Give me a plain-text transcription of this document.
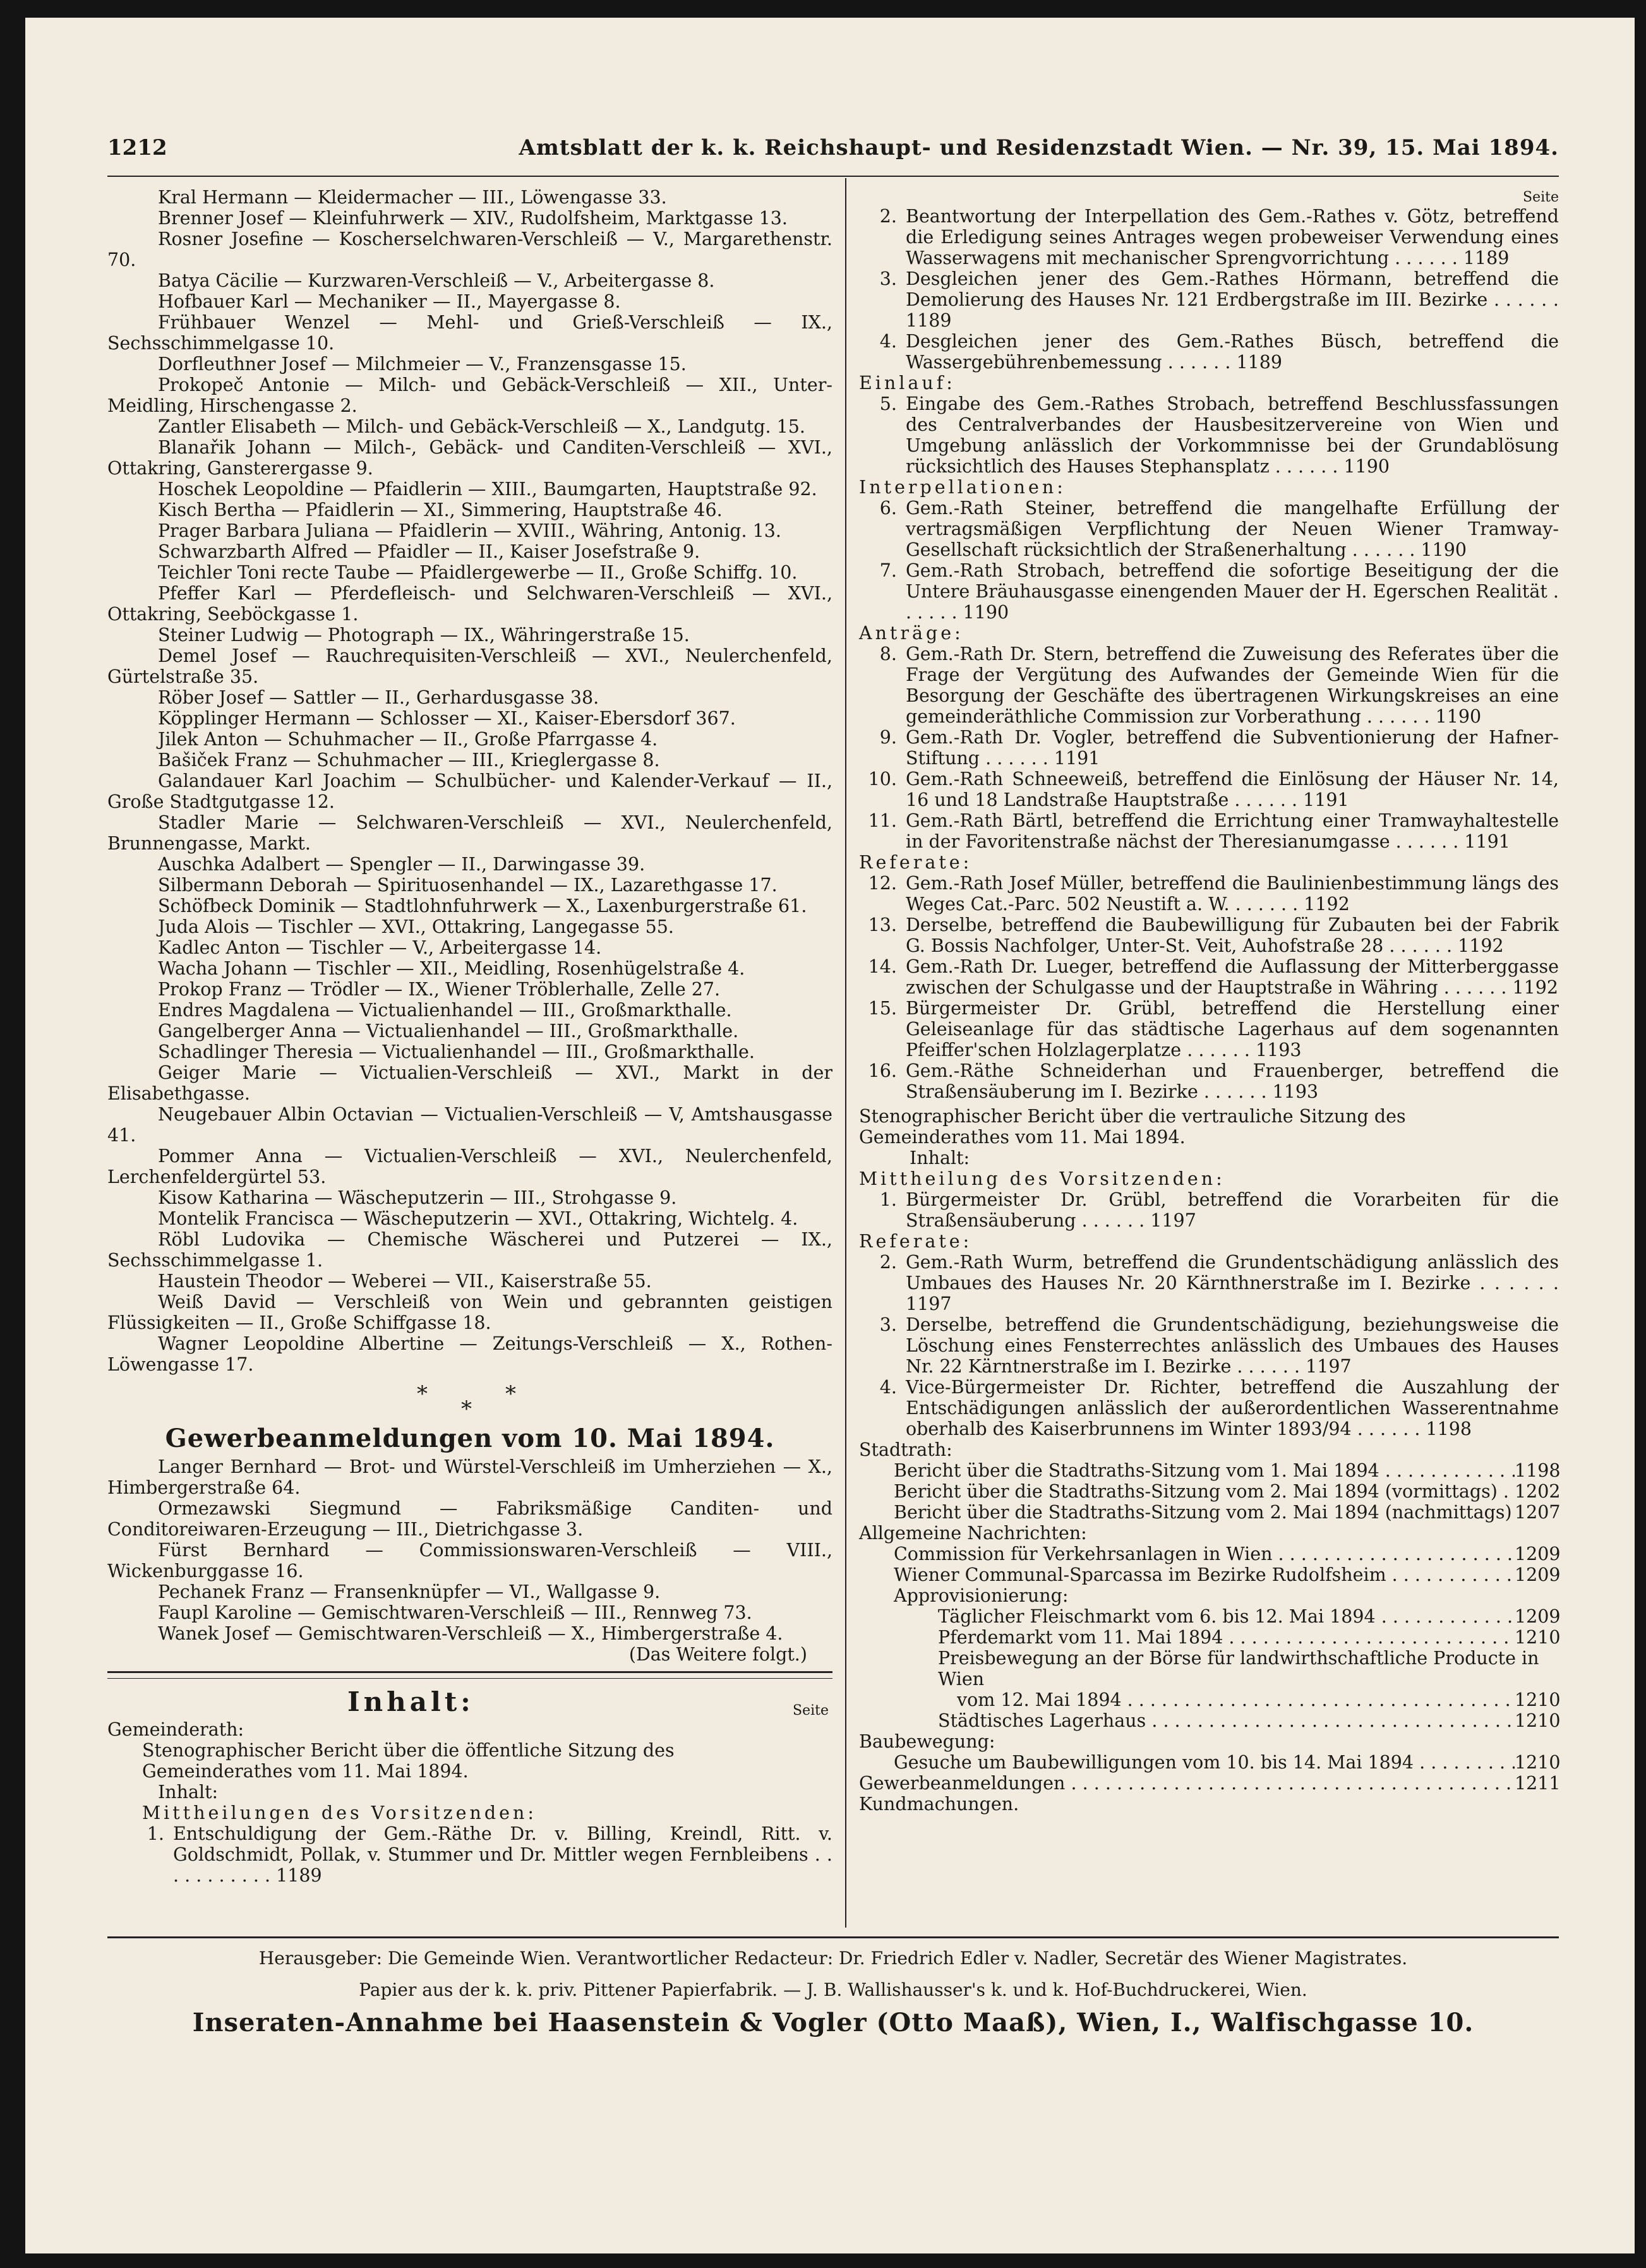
1212	Amtsblatt der k. k. Reichshaupt- und Residenzstadt Wien. — Nr. 39, 15. Mai 1894.
Kral Hermann — Kleidermacher — III., Löwengasse 33.
Brenner Josef — Kleinfuhrwerk — XIV., Rudolfsheim, Marktgasse 13.
Rosner Josefine — Koscherselchwaren-Verschleiß — V., Margarethenstr. 70.
Batya Cäcilie — Kurzwaren-Verschleiß — V., Arbeitergasse 8.
Hofbauer Karl — Mechaniker — II., Mayergasse 8.
Frühbauer Wenzel — Mehl- und Grieß-Verschleiß — IX., Sechsschimmelgasse 10.
Dorfleuthner Josef — Milchmeier — V., Franzensgasse 15.
Prokopeč Antonie — Milch- und Gebäck-Verschleiß — XII., Unter-Meidling, Hirschengasse 2.
Zantler Elisabeth — Milch- und Gebäck-Verschleiß — X., Landgutg. 15.
Blanařik Johann — Milch-, Gebäck- und Canditen-Verschleiß — XVI., Ottakring, Gansterergasse 9.
Hoschek Leopoldine — Pfaidlerin — XIII., Baumgarten, Hauptstraße 92.
Kisch Bertha — Pfaidlerin — XI., Simmering, Hauptstraße 46.
Prager Barbara Juliana — Pfaidlerin — XVIII., Währing, Antonig. 13.
Schwarzbarth Alfred — Pfaidler — II., Kaiser Josefstraße 9.
Teichler Toni recte Taube — Pfaidlergewerbe — II., Große Schiffg. 10.
Pfeffer Karl — Pferdefleisch- und Selchwaren-Verschleiß — XVI., Ottakring, Seeböckgasse 1.
Steiner Ludwig — Photograph — IX., Währingerstraße 15.
Demel Josef — Rauchrequisiten-Verschleiß — XVI., Neulerchenfeld, Gürtelstraße 35.
Röber Josef — Sattler — II., Gerhardusgasse 38.
Köpplinger Hermann — Schlosser — XI., Kaiser-Ebersdorf 367.
Jilek Anton — Schuhmacher — II., Große Pfarrgasse 4.
Bašiček Franz — Schuhmacher — III., Krieglergasse 8.
Galandauer Karl Joachim — Schulbücher- und Kalender-Verkauf — II., Große Stadtgutgasse 12.
Stadler Marie — Selchwaren-Verschleiß — XVI., Neulerchenfeld, Brunnengasse, Markt.
Auschka Adalbert — Spengler — II., Darwingasse 39.
Silbermann Deborah — Spirituosenhandel — IX., Lazarethgasse 17.
Schöfbeck Dominik — Stadtlohnfuhrwerk — X., Laxenburgerstraße 61.
Juda Alois — Tischler — XVI., Ottakring, Langegasse 55.
Kadlec Anton — Tischler — V., Arbeitergasse 14.
Wacha Johann — Tischler — XII., Meidling, Rosenhügelstraße 4.
Prokop Franz — Trödler — IX., Wiener Tröblerhalle, Zelle 27.
Endres Magdalena — Victualienhandel — III., Großmarkthalle.
Gangelberger Anna — Victualienhandel — III., Großmarkthalle.
Schadlinger Theresia — Victualienhandel — III., Großmarkthalle.
Geiger Marie — Victualien-Verschleiß — XVI., Markt in der Elisabethgasse.
Neugebauer Albin Octavian — Victualien-Verschleiß — V, Amtshausgasse 41.
Pommer Anna — Victualien-Verschleiß — XVI., Neulerchenfeld, Lerchenfeldergürtel 53.
Kisow Katharina — Wäscheputzerin — III., Strohgasse 9.
Montelik Francisca — Wäscheputzerin — XVI., Ottakring, Wichtelg. 4.
Röbl Ludovika — Chemische Wäscherei und Putzerei — IX., Sechsschimmelgasse 1.
Haustein Theodor — Weberei — VII., Kaiserstraße 55.
Weiß David — Verschleiß von Wein und gebrannten geistigen Flüssigkeiten — II., Große Schiffgasse 18.
Wagner Leopoldine Albertine — Zeitungs-Verschleiß — X., Rothen-Löwengasse 17.
*
*
*
Gewerbeanmeldungen vom 10. Mai 1894.
Langer Bernhard — Brot- und Würstel-Verschleiß im Umherziehen — X., Himbergerstraße 64.
Ormezawski Siegmund — Fabriksmäßige Canditen- und Conditoreiwaren-Erzeugung — III., Dietrichgasse 3.
Fürst Bernhard — Commissionswaren-Verschleiß — VIII., Wickenburggasse 16.
Pechanek Franz — Fransenknüpfer — VI., Wallgasse 9.
Faupl Karoline — Gemischtwaren-Verschleiß — III., Rennweg 73.
Wanek Josef — Gemischtwaren-Verschleiß — X., Himbergerstraße 4.
(Das Weitere folgt.)
Inhalt:	Seite
Gemeinderath:
Stenographischer Bericht über die öffentliche Sitzung des Gemeinderathes vom 11. Mai 1894.
Inhalt:
Mittheilungen des Vorsitzenden:
1. Entschuldigung der Gem.-Räthe Dr. v. Billing, Kreindl, Ritt. v. Goldschmidt, Pollak, v. Stummer und Dr. Mittler wegen Fernbleibens . . . . . . . . . . . 1189
Seite
2. Beantwortung der Interpellation des Gem.-Rathes v. Götz, betreffend die Erledigung seines Antrages wegen probeweiser Verwendung eines Wasserwagens mit mechanischer Sprengvorrichtung . . . . . . 1189
3. Desgleichen jener des Gem.-Rathes Hörmann, betreffend die Demolierung des Hauses Nr. 121 Erdbergstraße im III. Bezirke . . . . . . 1189
4. Desgleichen jener des Gem.-Rathes Büsch, betreffend die Wassergebührenbemessung . . . . . . 1189
Einlauf:
5. Eingabe des Gem.-Rathes Strobach, betreffend Beschlussfassungen des Centralverbandes der Hausbesitzervereine von Wien und Umgebung anlässlich der Vorkommnisse bei der Grundablösung rücksichtlich des Hauses Stephansplatz . . . . . . 1190
Interpellationen:
6. Gem.-Rath Steiner, betreffend die mangelhafte Erfüllung der vertragsmäßigen Verpflichtung der Neuen Wiener Tramway-Gesellschaft rücksichtlich der Straßenerhaltung . . . . . . 1190
7. Gem.-Rath Strobach, betreffend die sofortige Beseitigung der die Untere Bräuhausgasse einengenden Mauer der H. Egerschen Realität . . . . . . 1190
Anträge:
8. Gem.-Rath Dr. Stern, betreffend die Zuweisung des Referates über die Frage der Vergütung des Aufwandes der Gemeinde Wien für die Besorgung der Geschäfte des übertragenen Wirkungskreises an eine gemeinderäthliche Commission zur Vorberathung . . . . . . 1190
9. Gem.-Rath Dr. Vogler, betreffend die Subventionierung der Hafner-Stiftung . . . . . . 1191
10. Gem.-Rath Schneeweiß, betreffend die Einlösung der Häuser Nr. 14, 16 und 18 Landstraße Hauptstraße . . . . . . 1191
11. Gem.-Rath Bärtl, betreffend die Errichtung einer Tramwayhaltestelle in der Favoritenstraße nächst der Theresianumgasse . . . . . . 1191
Referate:
12. Gem.-Rath Josef Müller, betreffend die Baulinienbestimmung längs des Weges Cat.-Parc. 502 Neustift a. W. . . . . . . 1192
13. Derselbe, betreffend die Baubewilligung für Zubauten bei der Fabrik G. Bossis Nachfolger, Unter-St. Veit, Auhofstraße 28 . . . . . . 1192
14. Gem.-Rath Dr. Lueger, betreffend die Auflassung der Mitterberggasse zwischen der Schulgasse und der Hauptstraße in Währing . . . . . . 1192
15. Bürgermeister Dr. Grübl, betreffend die Herstellung einer Geleiseanlage für das städtische Lagerhaus auf dem sogenannten Pfeiffer'schen Holzlagerplatze . . . . . . 1193
16. Gem.-Räthe Schneiderhan und Frauenberger, betreffend die Straßensäuberung im I. Bezirke . . . . . . 1193
Stenographischer Bericht über die vertrauliche Sitzung des Gemeinderathes vom 11. Mai 1894.
Inhalt:
Mittheilung des Vorsitzenden:
1. Bürgermeister Dr. Grübl, betreffend die Vorarbeiten für die Straßensäuberung . . . . . . 1197
Referate:
2. Gem.-Rath Wurm, betreffend die Grundentschädigung anlässlich des Umbaues des Hauses Nr. 20 Kärnthnerstraße im I. Bezirke . . . . . . 1197
3. Derselbe, betreffend die Grundentschädigung, beziehungsweise die Löschung eines Fensterrechtes anlässlich des Umbaues des Hauses Nr. 22 Kärntnerstraße im I. Bezirke . . . . . . 1197
4. Vice-Bürgermeister Dr. Richter, betreffend die Auszahlung der Entschädigungen anlässlich der außerordentlichen Wasserentnahme oberhalb des Kaiserbrunnens im Winter 1893/94 . . . . . . 1198
Stadtrath:
Bericht über die Stadtraths-Sitzung vom 1. Mai 1894 . . .	1198
Bericht über die Stadtraths-Sitzung vom 2. Mai 1894 (vormittags) . . . 1202
Bericht über die Stadtraths-Sitzung vom 2. Mai 1894 (nachmittags) . . . 1207
Allgemeine Nachrichten:
Commission für Verkehrsanlagen in Wien . . .	1209
Wiener Communal-Sparcassa im Bezirke Rudolfsheim . . .	1209
Approvisionierung:
Täglicher Fleischmarkt vom 6. bis 12. Mai 1894 . . .	1209
Pferdemarkt vom 11. Mai 1894 . . .	1210
Preisbewegung an der Börse für landwirthschaftliche Producte in Wien
vom 12. Mai 1894 . . .	1210
Städtisches Lagerhaus . . .	1210
Baubewegung:
Gesuche um Baubewilligungen vom 10. bis 14. Mai 1894 . . .	1210
Gewerbeanmeldungen . . .	1211
Kundmachungen.
Herausgeber: Die Gemeinde Wien. Verantwortlicher Redacteur: Dr. Friedrich Edler v. Nadler, Secretär des Wiener Magistrates.
Papier aus der k. k. priv. Pittener Papierfabrik. — J. B. Wallishausser's k. und k. Hof-Buchdruckerei, Wien.
Inseraten-Annahme bei Haasenstein & Vogler (Otto Maaß), Wien, I., Walfischgasse 10.
